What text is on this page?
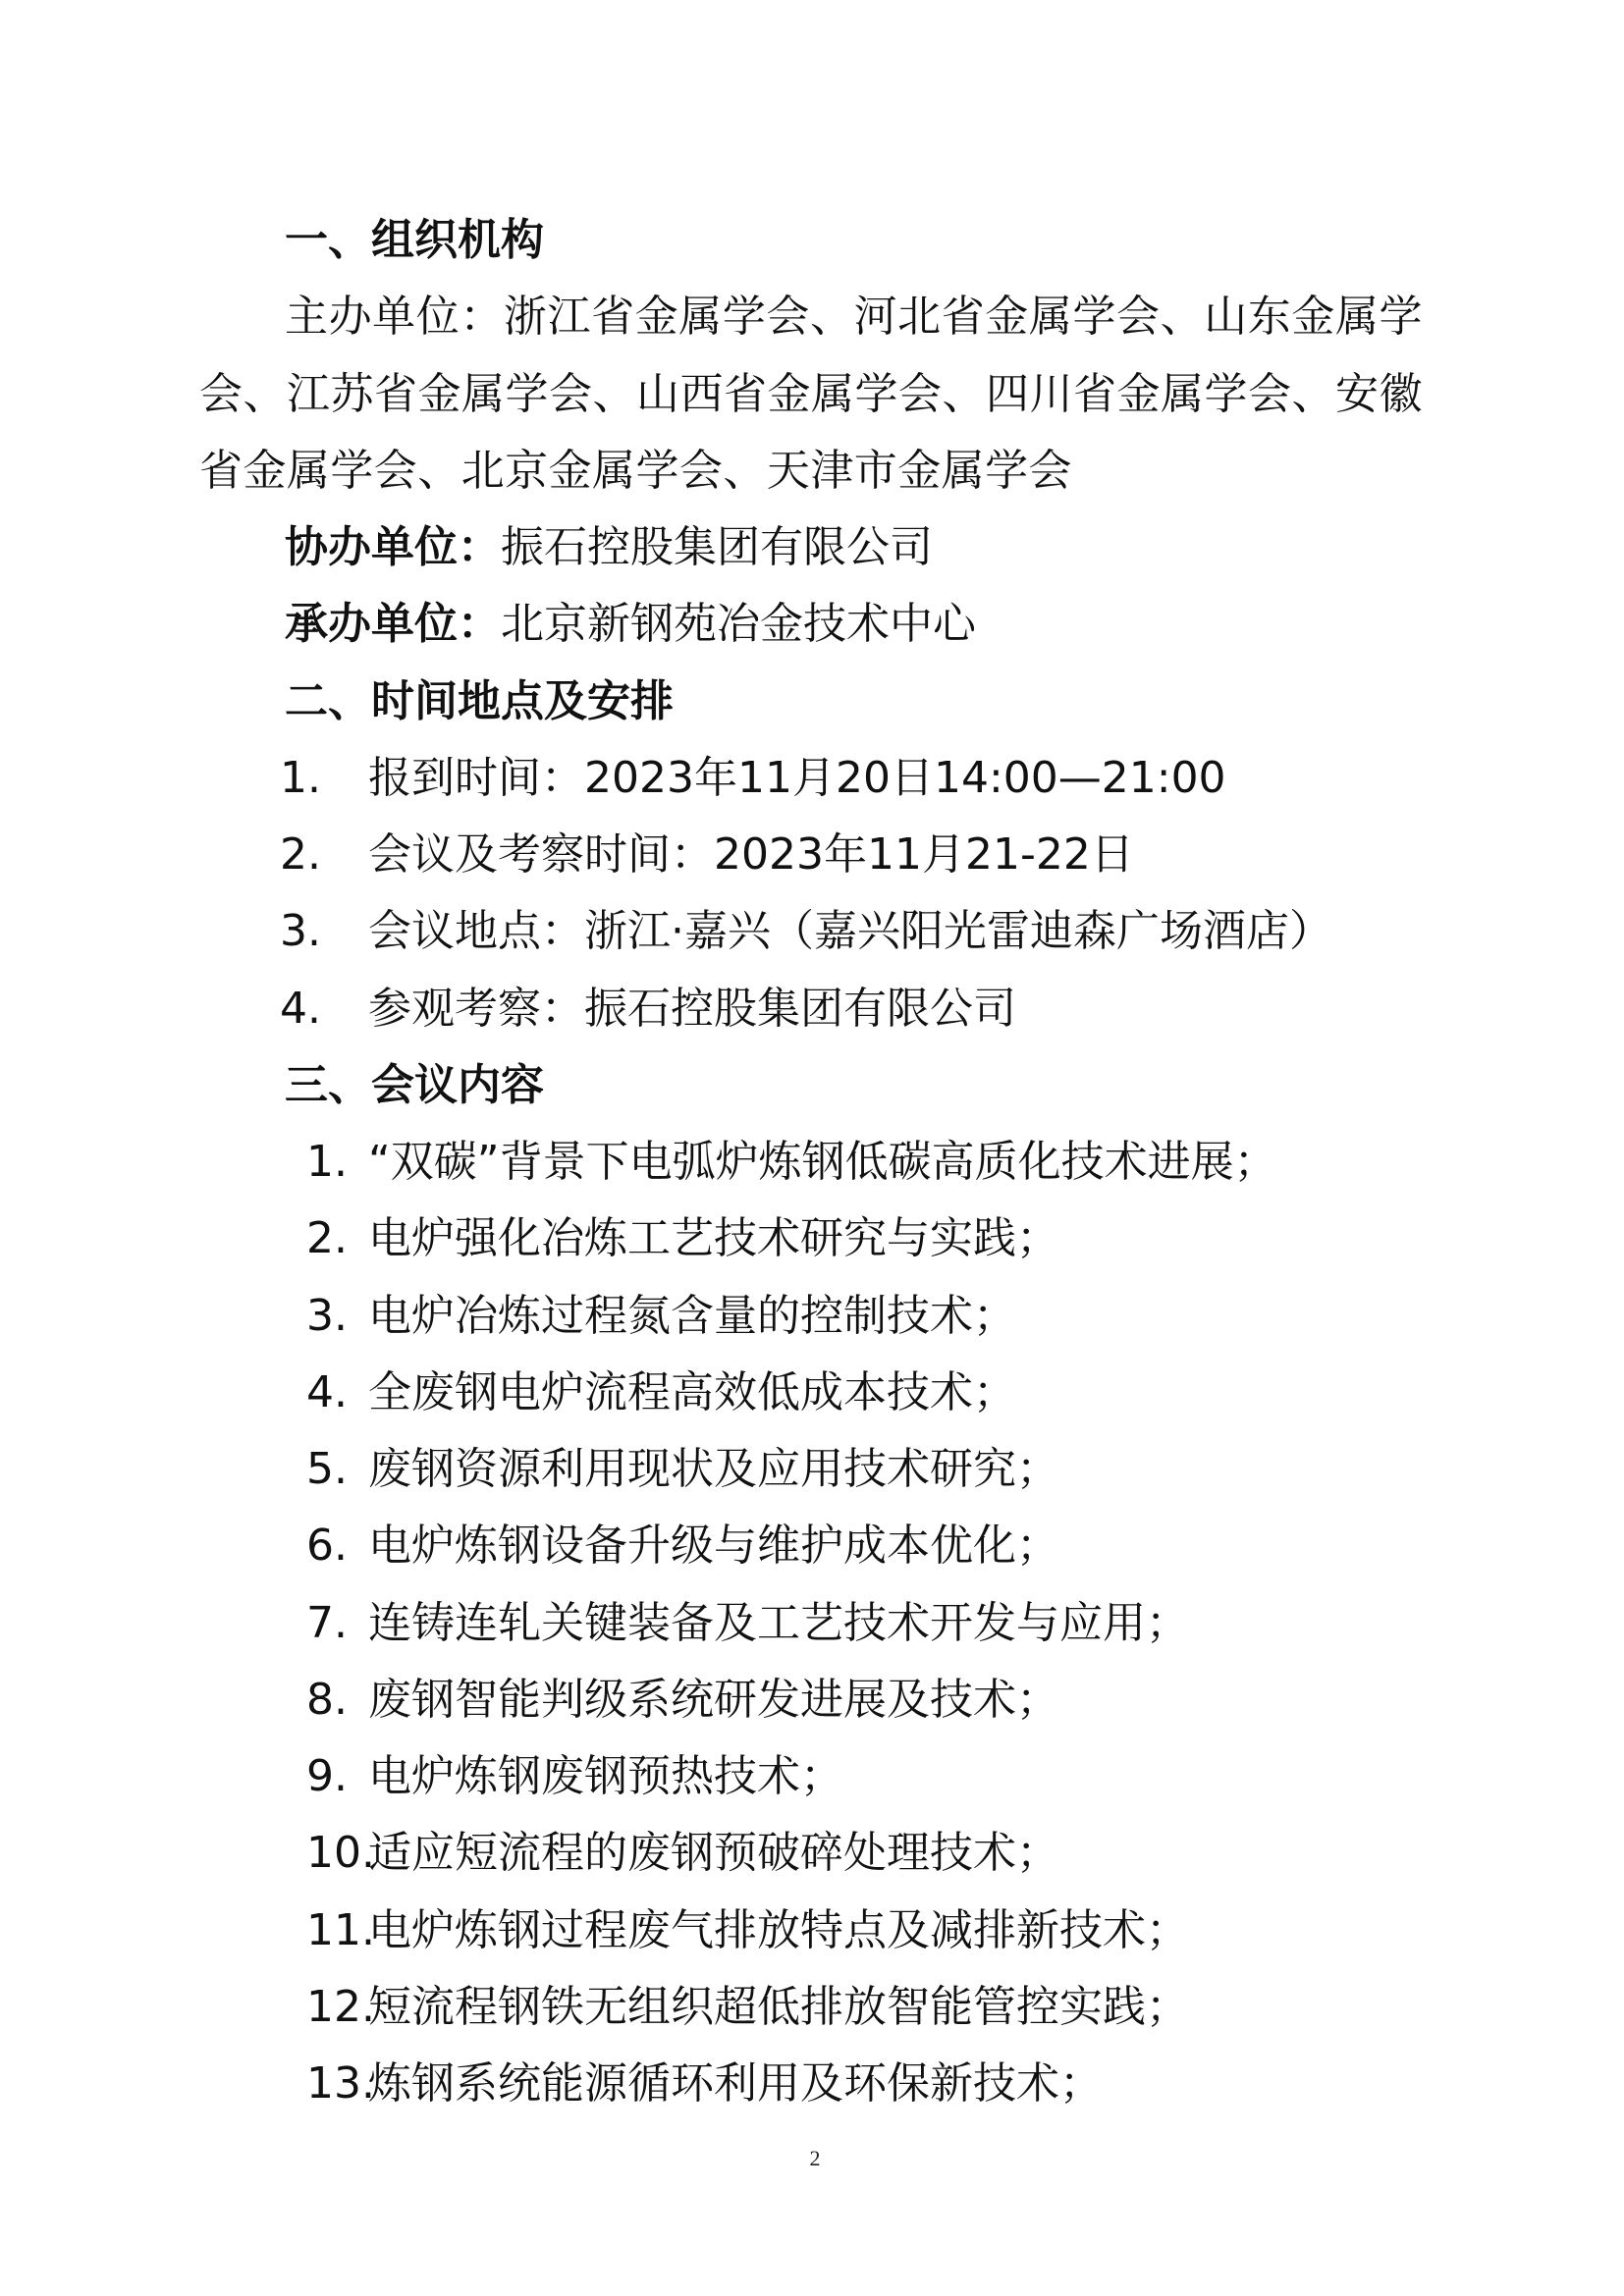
一、组织机构
主办单位：浙江省金属学会、河北省金属学会、山东金属学会、江苏省金属学会、山西省金属学会、四川省金属学会、安徽省金属学会、北京金属学会、天津市金属学会
协办单位：振石控股集团有限公司
承办单位：北京新钢苑冶金技术中心
二、时间地点及安排
1. 报到时间：2023年11月20日14:00—21:00
2. 会议及考察时间：2023年11月21-22日
3. 会议地点：浙江·嘉兴（嘉兴阳光雷迪森广场酒店）
4. 参观考察：振石控股集团有限公司
三、会议内容
1. “双碳”背景下电弧炉炼钢低碳高质化技术进展；
2. 电炉强化冶炼工艺技术研究与实践；
3. 电炉冶炼过程氮含量的控制技术；
4. 全废钢电炉流程高效低成本技术；
5. 废钢资源利用现状及应用技术研究；
6. 电炉炼钢设备升级与维护成本优化；
7. 连铸连轧关键装备及工艺技术开发与应用；
8. 废钢智能判级系统研发进展及技术；
9. 电炉炼钢废钢预热技术；
10.
适应短流程的废钢预破碎处理技术；
11.
电炉炼钢过程废气排放特点及减排新技术；
12.
短流程钢铁无组织超低排放智能管控实践；
13.
炼钢系统能源循环利用及环保新技术；
2
